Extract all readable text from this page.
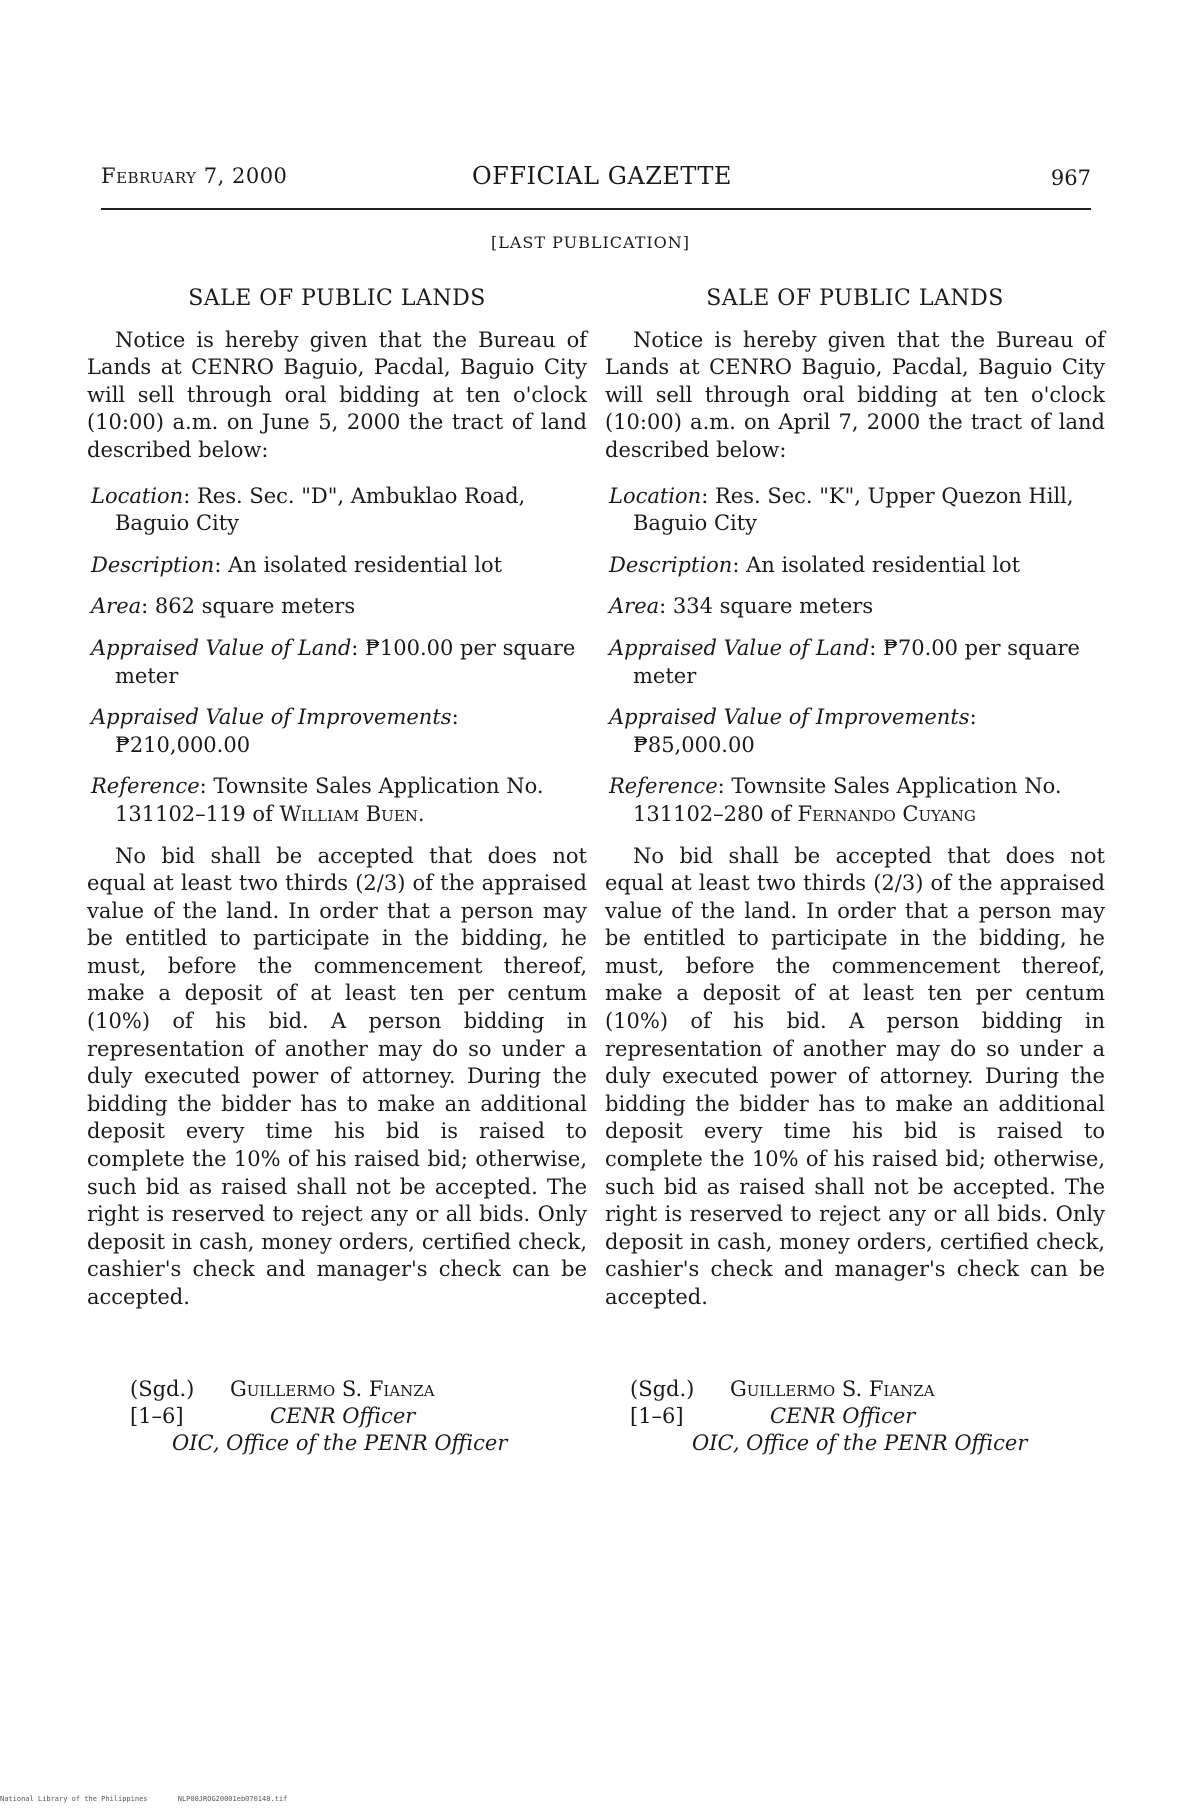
February 7, 2000	OFFICIAL GAZETTE	967
[LAST PUBLICATION]
SALE OF PUBLIC LANDS

Notice is hereby given that the Bureau of Lands at CENRO Baguio, Pacdal, Baguio City will sell through oral bidding at ten o'clock (10:00) a.m. on June 5, 2000 the tract of land described below:

Location: Res. Sec. "D", Ambuklao Road, Baguio City
Description: An isolated residential lot
Area: 862 square meters
Appraised Value of Land: ₱100.00 per square meter
Appraised Value of Improvements: ₱210,000.00
Reference: Townsite Sales Application No. 131102–119 of William Buen.

No bid shall be accepted that does not equal at least two thirds (2/3) of the appraised value of the land. In order that a person may be entitled to participate in the bidding, he must, before the commencement thereof, make a deposit of at least ten per centum (10%) of his bid. A person bidding in representation of another may do so under a duly executed power of attorney. During the bidding the bidder has to make an additional deposit every time his bid is raised to complete the 10% of his raised bid; otherwise, such bid as raised shall not be accepted. The right is reserved to reject any or all bids. Only deposit in cash, money orders, certified check, cashier's check and manager's check can be accepted.

SALE OF PUBLIC LANDS

Notice is hereby given that the Bureau of Lands at CENRO Baguio, Pacdal, Baguio City will sell through oral bidding at ten o'clock (10:00) a.m. on April 7, 2000 the tract of land described below:

Location: Res. Sec. "K", Upper Quezon Hill, Baguio City
Description: An isolated residential lot
Area: 334 square meters
Appraised Value of Land: ₱70.00 per square meter
Appraised Value of Improvements: ₱85,000.00
Reference: Townsite Sales Application No. 131102–280 of Fernando Cuyang

No bid shall be accepted that does not equal at least two thirds (2/3) of the appraised value of the land. In order that a person may be entitled to participate in the bidding, he must, before the commencement thereof, make a deposit of at least ten per centum (10%) of his bid. A person bidding in representation of another may do so under a duly executed power of attorney. During the bidding the bidder has to make an additional deposit every time his bid is raised to complete the 10% of his raised bid; otherwise, such bid as raised shall not be accepted. The right is reserved to reject any or all bids. Only deposit in cash, money orders, certified check, cashier's check and manager's check can be accepted.

(Sgd.)	Guillermo S. Fianza
[1–6]	CENR Officer
OIC, Office of the PENR Officer
(Sgd.)	Guillermo S. Fianza
[1–6]	CENR Officer
OIC, Office of the PENR Officer
National Library of the Philippines	NLP00JROG20001eb070148.tif
